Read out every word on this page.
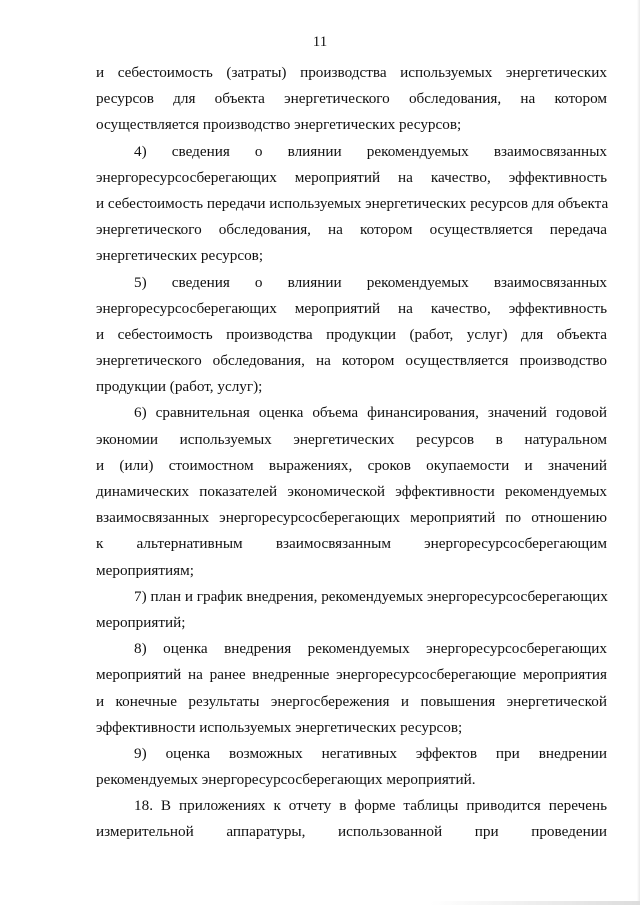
11
и себестоимость (затраты) производства используемых энергетических
ресурсов для объекта энергетического обследования, на котором
осуществляется производство энергетических ресурсов;
4) сведения о влиянии рекомендуемых взаимосвязанных
энергоресурсосберегающих мероприятий на качество, эффективность
и себестоимость передачи используемых энергетических ресурсов для объекта
энергетического обследования, на котором осуществляется передача
энергетических ресурсов;
5) сведения о влиянии рекомендуемых взаимосвязанных
энергоресурсосберегающих мероприятий на качество, эффективность
и себестоимость производства продукции (работ, услуг) для объекта
энергетического обследования, на котором осуществляется производство
продукции (работ, услуг);
6) сравнительная оценка объема финансирования, значений годовой
экономии используемых энергетических ресурсов в натуральном
и (или) стоимостном выражениях, сроков окупаемости и значений
динамических показателей экономической эффективности рекомендуемых
взаимосвязанных энергоресурсосберегающих мероприятий по отношению
к альтернативным взаимосвязанным энергоресурсосберегающим
мероприятиям;
7) план и график внедрения, рекомендуемых энергоресурсосберегающих
мероприятий;
8) оценка внедрения рекомендуемых энергоресурсосберегающих
мероприятий на ранее внедренные энергоресурсосберегающие мероприятия
и конечные результаты энергосбережения и повышения энергетической
эффективности используемых энергетических ресурсов;
9) оценка возможных негативных эффектов при внедрении
рекомендуемых энергоресурсосберегающих мероприятий.
18. В приложениях к отчету в форме таблицы приводится перечень
измерительной аппаратуры, использованной при проведении
